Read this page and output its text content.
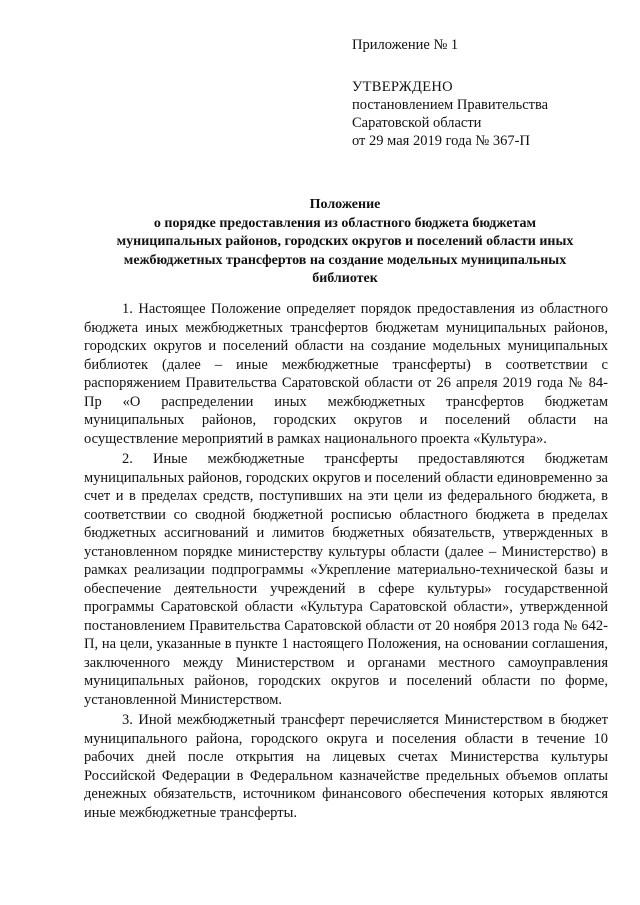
Приложение № 1
УТВЕРЖДЕНО
постановлением Правительства
Саратовской области
от 29 мая 2019 года № 367-П
Положение
о порядке предоставления из областного бюджета бюджетам
муниципальных районов, городских округов и поселений области иных
межбюджетных трансфертов на создание модельных муниципальных
библиотек

1. Настоящее Положение определяет порядок предоставления из областного бюджета иных межбюджетных трансфертов бюджетам муниципальных районов, городских округов и поселений области на создание модельных муниципальных библиотек (далее – иные межбюджетные трансферты) в соответствии с распоряжением Правительства Саратовской области от 26 апреля 2019 года № 84-Пр «О распределении иных межбюджетных трансфертов бюджетам муниципальных районов, городских округов и поселений области на осуществление мероприятий в рамках национального проекта «Культура».

2. Иные межбюджетные трансферты предоставляются бюджетам муниципальных районов, городских округов и поселений области единовременно за счет и в пределах средств, поступивших на эти цели из федерального бюджета, в соответствии со сводной бюджетной росписью областного бюджета в пределах бюджетных ассигнований и лимитов бюджетных обязательств, утвержденных в установленном порядке министерству культуры области (далее – Министерство) в рамках реализации подпрограммы «Укрепление материально-технической базы и обеспечение деятельности учреждений в сфере культуры» государственной программы Саратовской области «Культура Саратовской области», утвержденной постановлением Правительства Саратовской области от 20 ноября 2013 года № 642-П, на цели, указанные в пункте 1 настоящего Положения, на основании соглашения, заключенного между Министерством и органами местного самоуправления муниципальных районов, городских округов и поселений области по форме, установленной Министерством.

3. Иной межбюджетный трансферт перечисляется Министерством в бюджет муниципального района, городского округа и поселения области в течение 10 рабочих дней после открытия на лицевых счетах Министерства культуры Российской Федерации в Федеральном казначействе предельных объемов оплаты денежных обязательств, источником финансового обеспечения которых являются иные межбюджетные трансферты.
